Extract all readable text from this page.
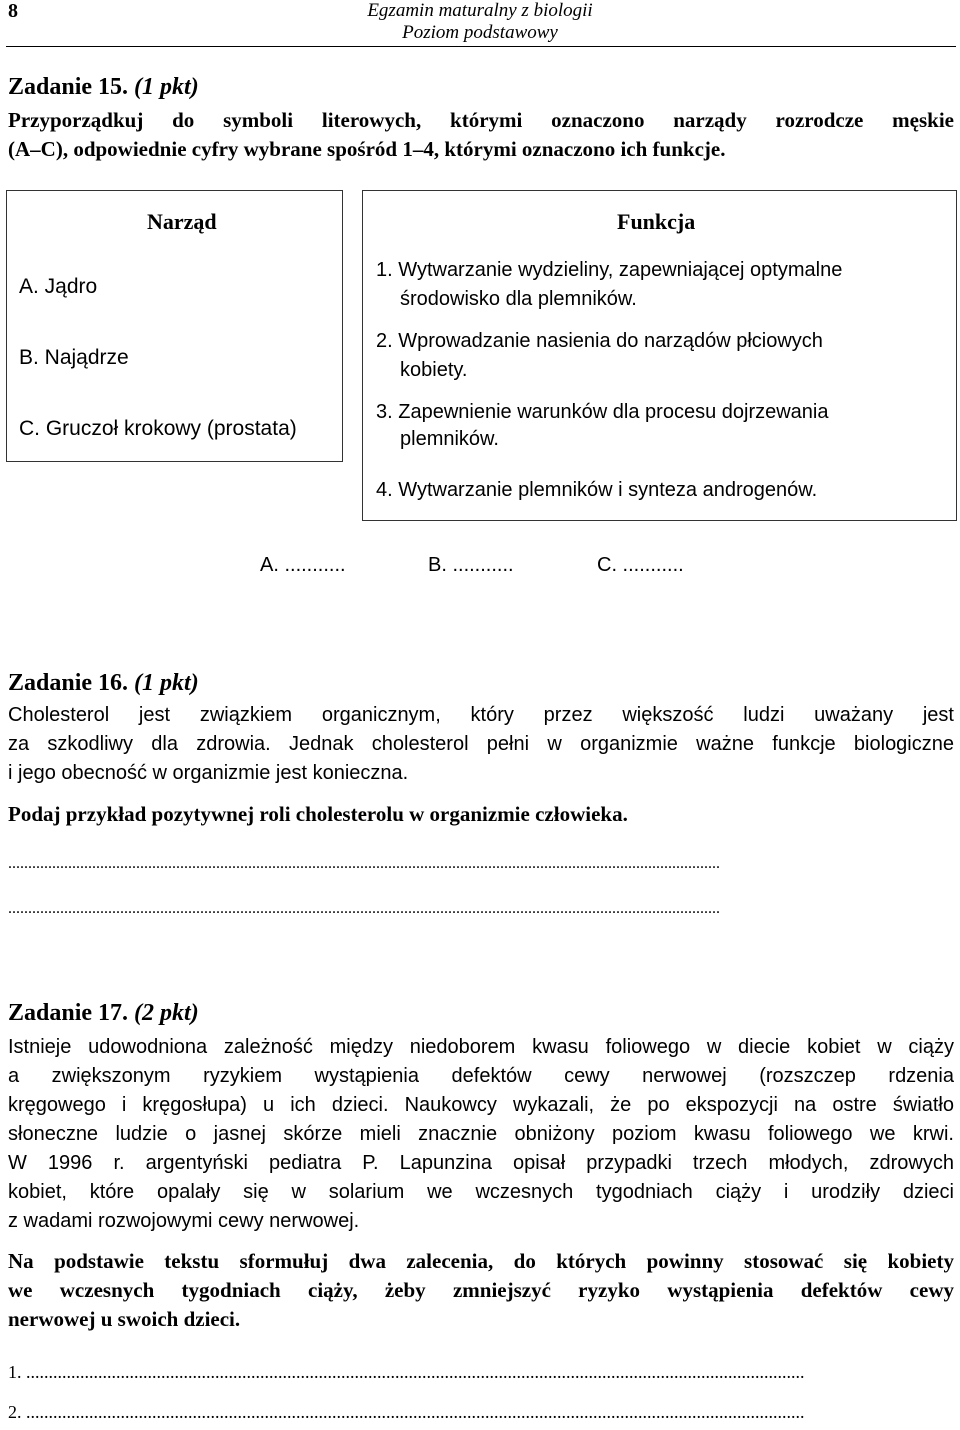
8	Egzamin maturalny z biologii
Poziom podstawowy
Zadanie 15. (1 pkt)
Przyporządkuj do symboli literowych, którymi oznaczono narządy rozrodcze męskie
(A–C), odpowiednie cyfry wybrane spośród 1–4, którymi oznaczono ich funkcje.
Narząd
A. Jądro
B. Najądrze
C. Gruczoł krokowy (prostata)
Funkcja
1. Wytwarzanie wydzieliny, zapewniającej optymalne
środowisko dla plemników.
2. Wprowadzanie nasienia do narządów płciowych
kobiety.
3. Zapewnienie warunków dla procesu dojrzewania
plemników.
4. Wytwarzanie plemników i synteza androgenów.
A. ...........	B. ...........	C. ...........
Zadanie 16. (1 pkt)
Cholesterol jest związkiem organicznym, który przez większość ludzi uważany jest
za szkodliwy dla zdrowia. Jednak cholesterol pełni w organizmie ważne funkcje biologiczne
i jego obecność w organizmie jest konieczna.
Podaj przykład pozytywnej roli cholesterolu w organizmie człowieka.
..................................................................................................................................................................................
..................................................................................................................................................................................
Zadanie 17. (2 pkt)
Istnieje udowodniona zależność między niedoborem kwasu foliowego w diecie kobiet w ciąży
a zwiększonym ryzykiem wystąpienia defektów cewy nerwowej (rozszczep rdzenia
kręgowego i kręgosłupa) u ich dzieci. Naukowcy wykazali, że po ekspozycji na ostre światło
słoneczne ludzie o jasnej skórze mieli znacznie obniżony poziom kwasu foliowego we krwi.
W 1996 r. argentyński pediatra P. Lapunzina opisał przypadki trzech młodych, zdrowych
kobiet, które opalały się w solarium we wczesnych tygodniach ciąży i urodziły dzieci
z wadami rozwojowymi cewy nerwowej.
Na podstawie tekstu sformułuj dwa zalecenia, do których powinny stosować się kobiety
we wczesnych tygodniach ciąży, żeby zmniejszyć ryzyko wystąpienia defektów cewy
nerwowej u swoich dzieci.
1. .............................................................................................................................................................................
2. .............................................................................................................................................................................
